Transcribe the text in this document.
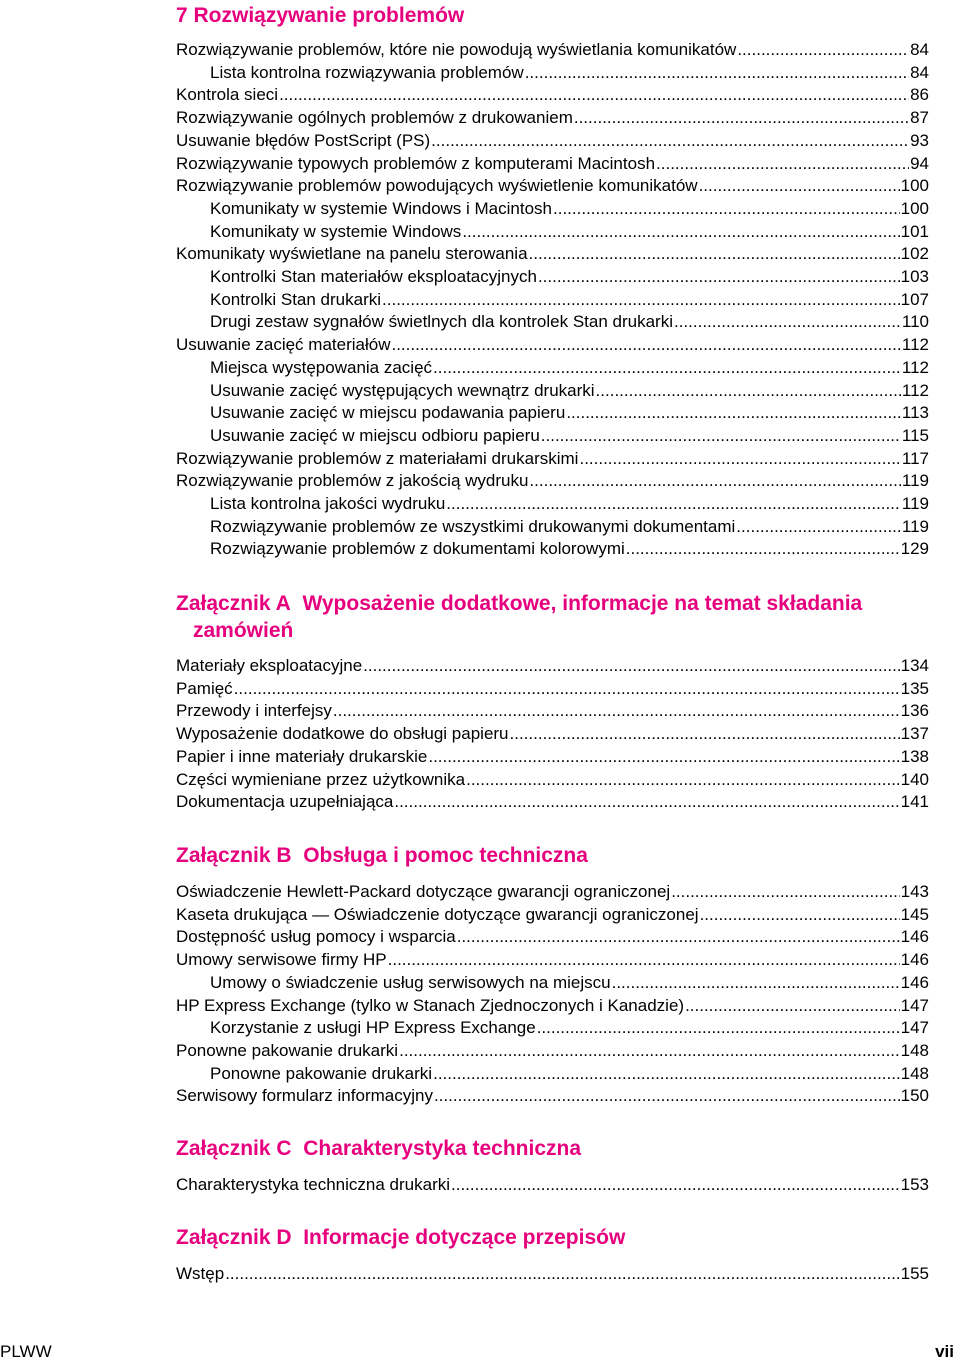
7 Rozwiązywanie problemów
Rozwiązywanie problemów, które nie powodują wyświetlania komunikatów .....	84
Lista kontrolna rozwiązywania problemów .....	84
Kontrola sieci .....	86
Rozwiązywanie ogólnych problemów z drukowaniem .....	87
Usuwanie błędów PostScript (PS) .....	93
Rozwiązywanie typowych problemów z komputerami Macintosh .....	94
Rozwiązywanie problemów powodujących wyświetlenie komunikatów .....	100
Komunikaty w systemie Windows i Macintosh .....	100
Komunikaty w systemie Windows .....	101
Komunikaty wyświetlane na panelu sterowania .....	102
Kontrolki Stan materiałów eksploatacyjnych .....	103
Kontrolki Stan drukarki .....	107
Drugi zestaw sygnałów świetlnych dla kontrolek Stan drukarki .....	110
Usuwanie zacięć materiałów .....	112
Miejsca występowania zacięć .....	112
Usuwanie zacięć występujących wewnątrz drukarki .....	112
Usuwanie zacięć w miejscu podawania papieru .....	113
Usuwanie zacięć w miejscu odbioru papieru .....	115
Rozwiązywanie problemów z materiałami drukarskimi .....	117
Rozwiązywanie problemów z jakością wydruku .....	119
Lista kontrolna jakości wydruku .....	119
Rozwiązywanie problemów ze wszystkimi drukowanymi dokumentami .....	119
Rozwiązywanie problemów z dokumentami kolorowymi .....	129
Załącznik A
Wyposażenie dodatkowe, informacje na temat składania
zamówień
Materiały eksploatacyjne .....	134
Pamięć .....	135
Przewody i interfejsy .....	136
Wyposażenie dodatkowe do obsługi papieru .....	137
Papier i inne materiały drukarskie .....	138
Części wymieniane przez użytkownika .....	140
Dokumentacja uzupełniająca .....	141
Załącznik B
Obsługa i pomoc techniczna
Oświadczenie Hewlett-Packard dotyczące gwarancji ograniczonej .....	143
Kaseta drukująca — Oświadczenie dotyczące gwarancji ograniczonej .....	145
Dostępność usług pomocy i wsparcia .....	146
Umowy serwisowe firmy HP .....	146
Umowy o świadczenie usług serwisowych na miejscu .....	146
HP Express Exchange (tylko w Stanach Zjednoczonych i Kanadzie) .....	147
Korzystanie z usługi HP Express Exchange .....	147
Ponowne pakowanie drukarki .....	148
Ponowne pakowanie drukarki .....	148
Serwisowy formularz informacyjny .....	150
Załącznik C
Charakterystyka techniczna
Charakterystyka techniczna drukarki .....	153
Załącznik D
Informacje dotyczące przepisów
Wstęp .....	155
PLWW	vii
